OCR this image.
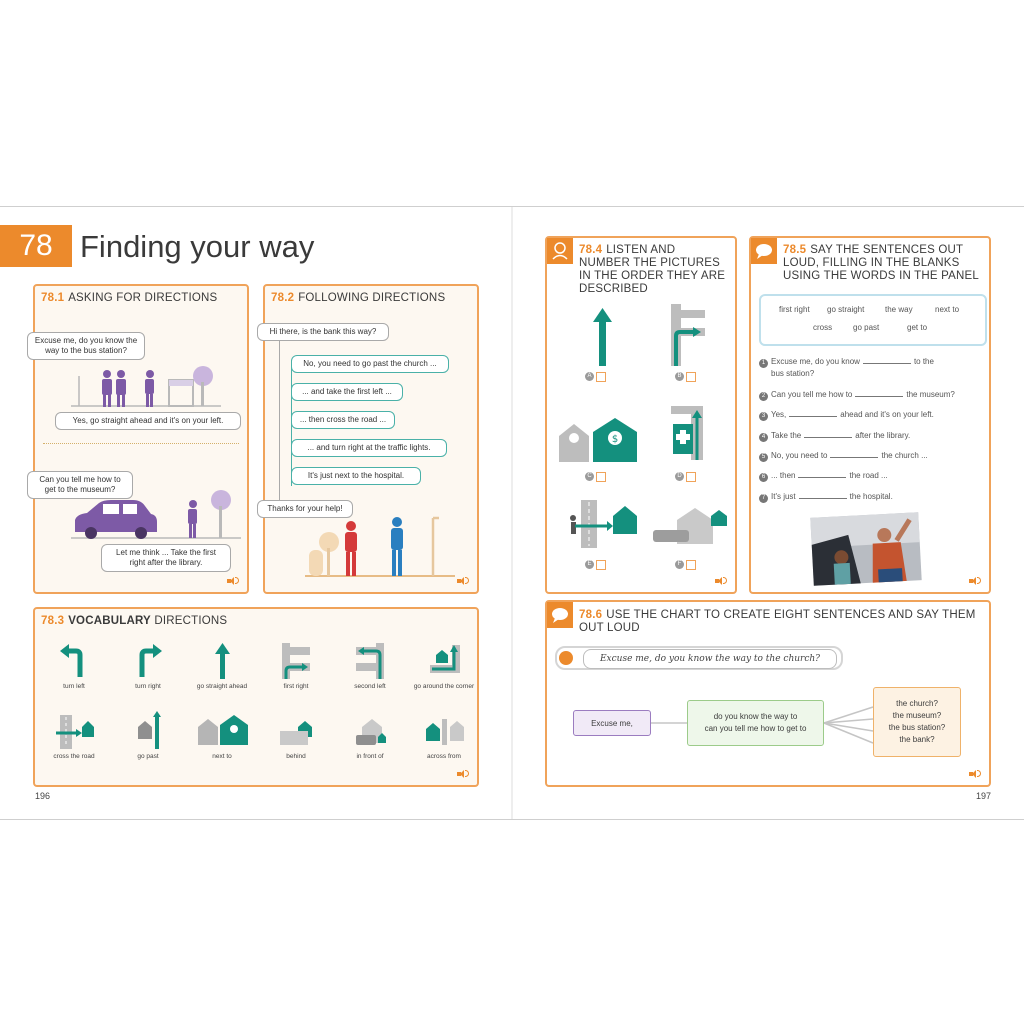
78 Finding your way
78.1 ASKING FOR DIRECTIONS
Excuse me, do you know the way to the bus station?
Yes, go straight ahead and it's on your left.
Can you tell me how to get to the museum?
Let me think ... Take the first right after the library.
78.2 FOLLOWING DIRECTIONS
Hi there, is the bank this way?
No, you need to go past the church ...
... and take the first left ...
... then cross the road ...
... and turn right at the traffic lights.
It's just next to the hospital.
Thanks for your help!
78.3 VOCABULARY DIRECTIONS
turn left	turn right	go straight ahead	first right	second left	go around the corner
cross the road	go past	next to	behind	in front of	across from
196	197
78.4 LISTEN AND NUMBER THE PICTURES IN THE ORDER THEY ARE DESCRIBED
A	B
$
C	D
E	F
78.5 SAY THE SENTENCES OUT LOUD, FILLING IN THE BLANKS USING THE WORDS IN THE PANEL
first right go straight	the way	next to
cross	go past	get to
1 Excuse me, do you know	to the
bus station?
2 Can you tell me how to	the museum?
3 Yes,	ahead and it's on your left.
4 Take the	after the library.
5 No, you need to	the church ...
6 ... then	the road ...
7 It's just	the hospital.
78.6 USE THE CHART TO CREATE EIGHT SENTENCES AND SAY THEM OUT LOUD
Excuse me, do you know the way to the church?
Excuse me,
do you know the way to
can you tell me how to get to
the church?
the museum?
the bus station?
the bank?
